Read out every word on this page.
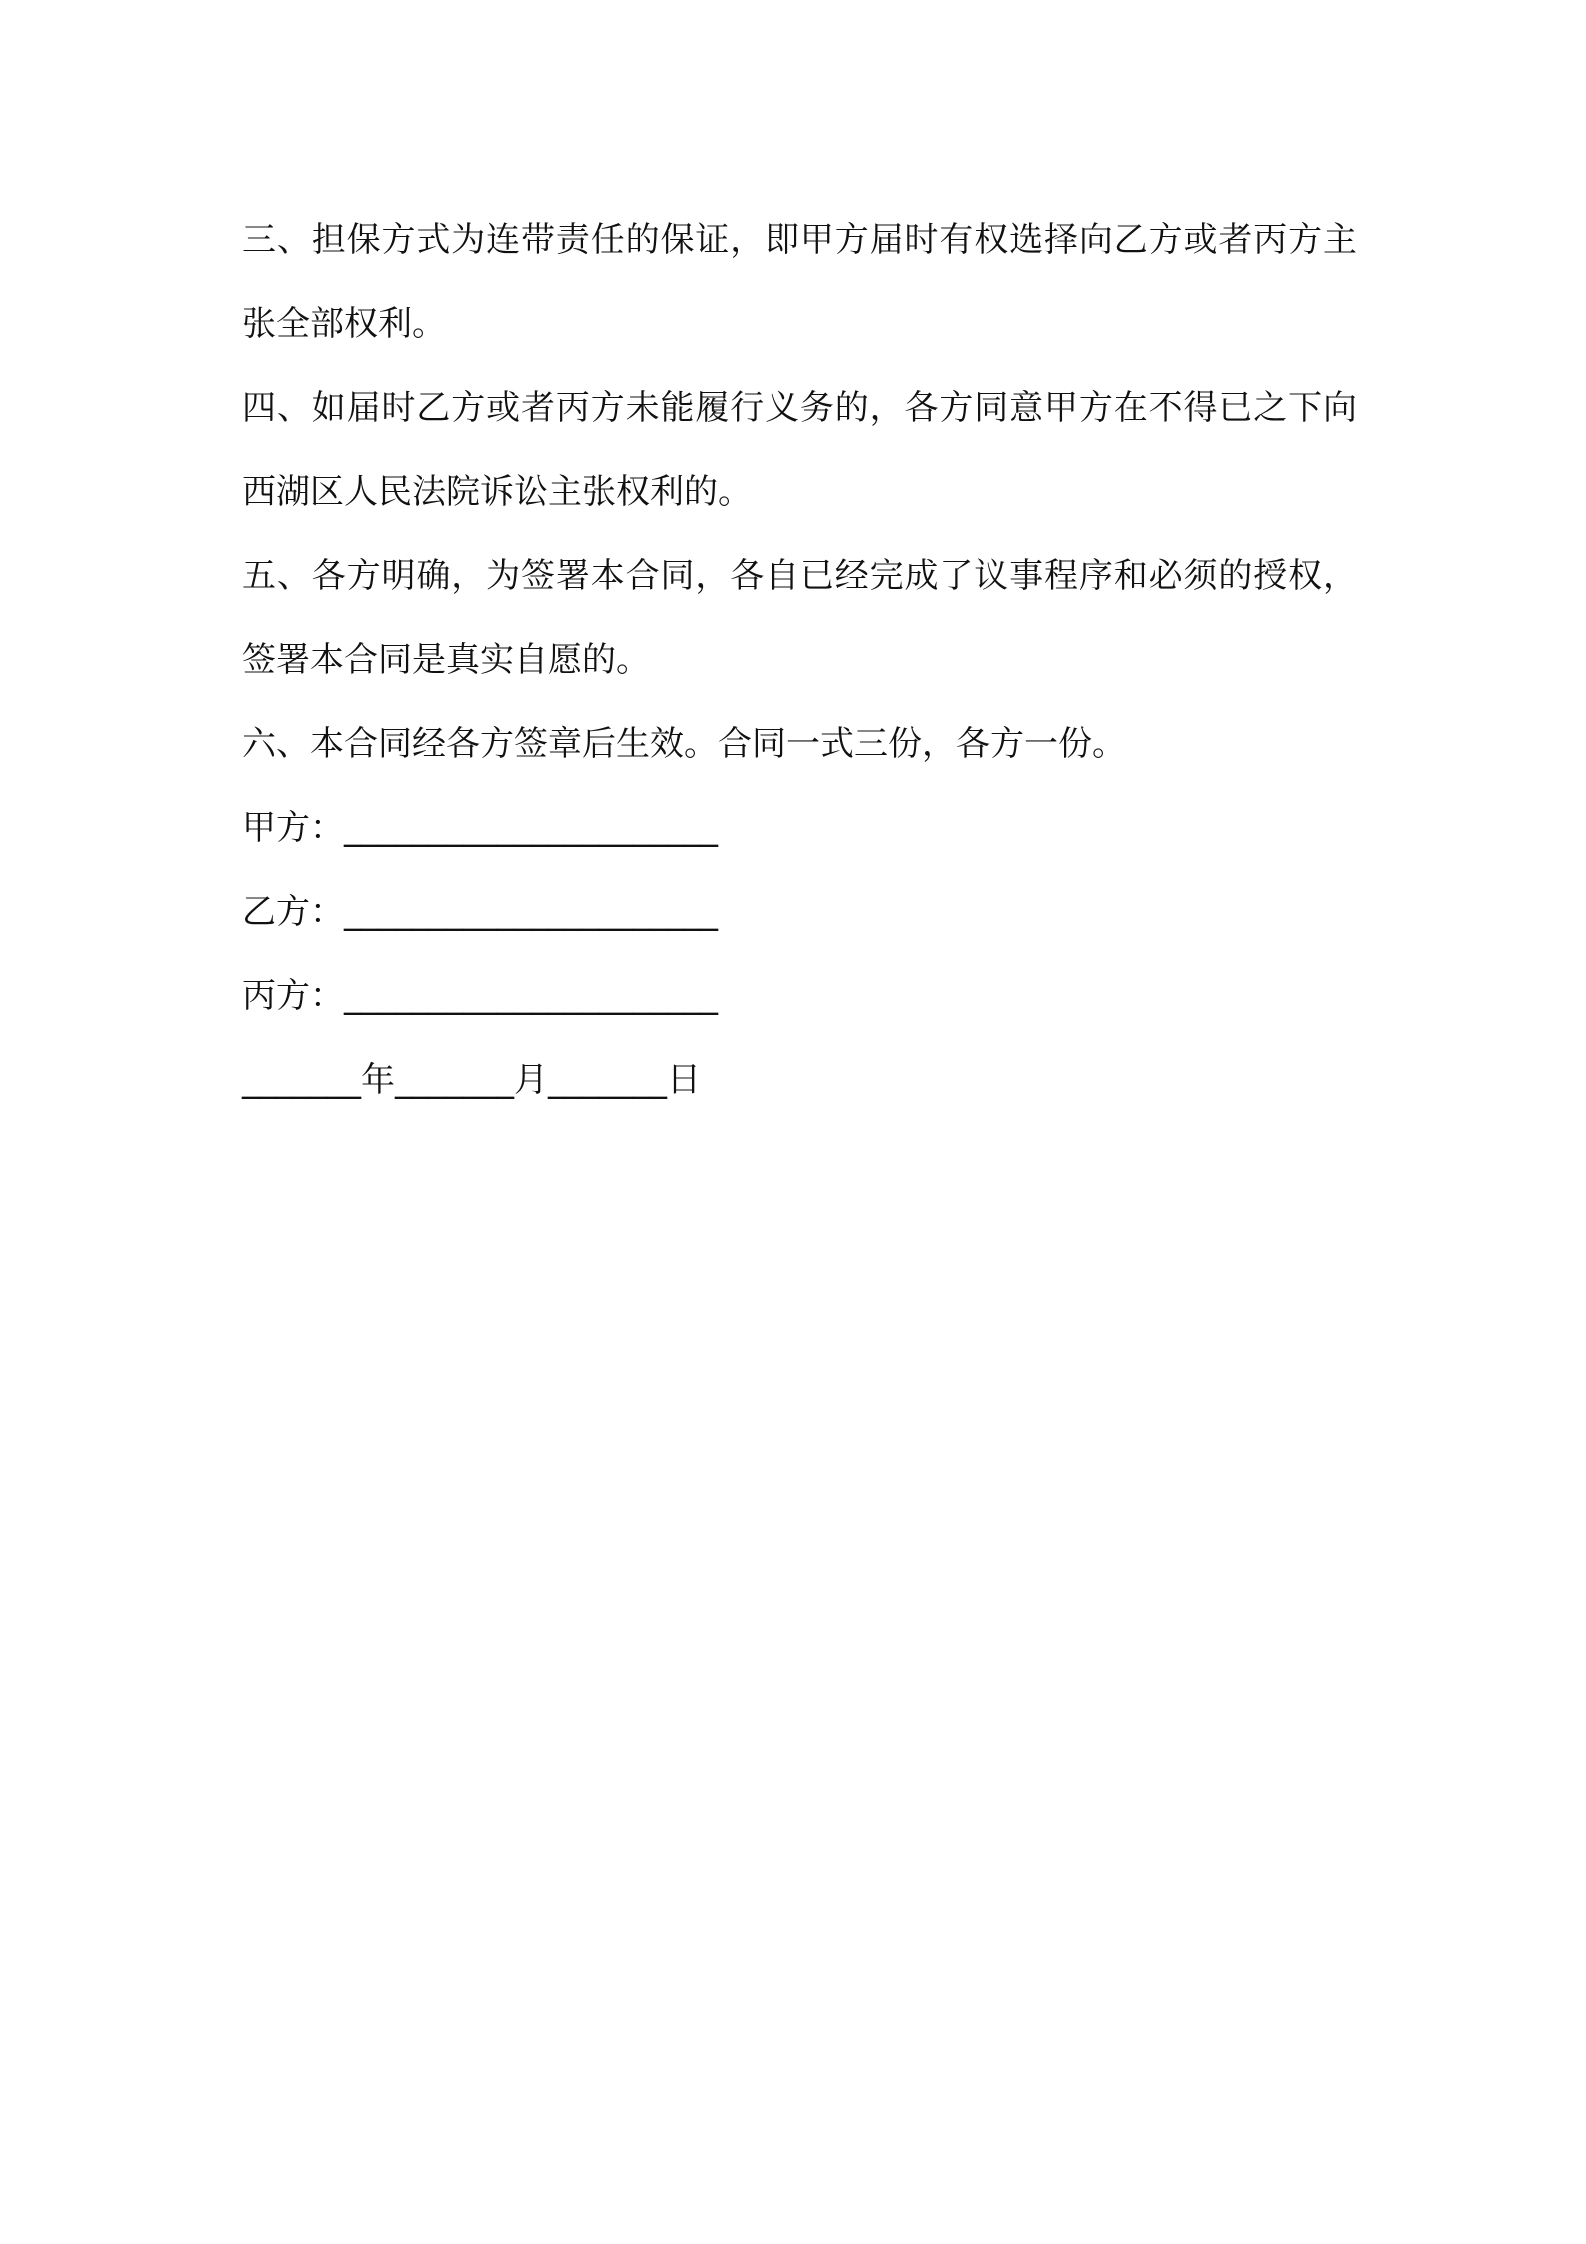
三、担保方式为连带责任的保证，即甲方届时有权选择向乙方或者丙方主张全部权利。

四、如届时乙方或者丙方未能履行义务的，各方同意甲方在不得已之下向西湖区人民法院诉讼主张权利的。

五、各方明确，为签署本合同，各自已经完成了议事程序和必须的授权，签署本合同是真实自愿的。

六、本合同经各方签章后生效。合同一式三份，各方一份。

甲方：______________________
乙方：______________________
丙方：______________________
_______年_______月_______日
